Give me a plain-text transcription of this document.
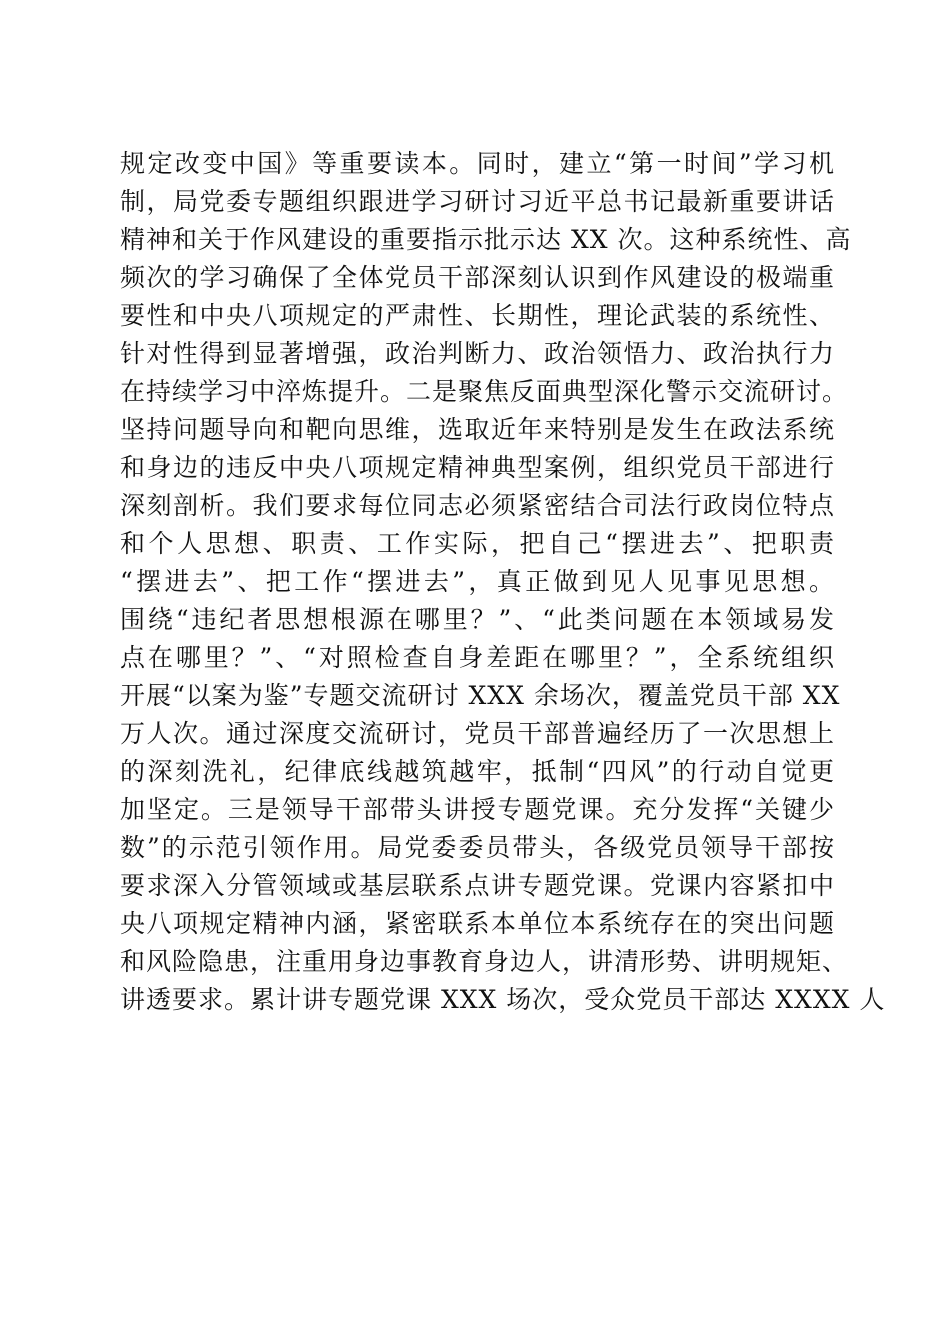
规定改变中国》等重要读本。同时，建立“第一时间”学习机
制，局党委专题组织跟进学习研讨习近平总书记最新重要讲话
精神和关于作风建设的重要指示批示达 XX 次。这种系统性、高
频次的学习确保了全体党员干部深刻认识到作风建设的极端重
要性和中央八项规定的严肃性、长期性，理论武装的系统性、
针对性得到显著增强，政治判断力、政治领悟力、政治执行力
在持续学习中淬炼提升。二是聚焦反面典型深化警示交流研讨。
坚持问题导向和靶向思维，选取近年来特别是发生在政法系统
和身边的违反中央八项规定精神典型案例，组织党员干部进行
深刻剖析。我们要求每位同志必须紧密结合司法行政岗位特点
和个人思想、职责、工作实际，把自己“摆进去”、把职责
“摆进去”、把工作“摆进去”，真正做到见人见事见思想。
围绕“违纪者思想根源在哪里？”、“此类问题在本领域易发
点在哪里？”、“对照检查自身差距在哪里？”，全系统组织
开展“以案为鉴”专题交流研讨 XXX 余场次，覆盖党员干部 XX
万人次。通过深度交流研讨，党员干部普遍经历了一次思想上
的深刻洗礼，纪律底线越筑越牢，抵制“四风”的行动自觉更
加坚定。三是领导干部带头讲授专题党课。充分发挥“关键少
数”的示范引领作用。局党委委员带头，各级党员领导干部按
要求深入分管领域或基层联系点讲专题党课。党课内容紧扣中
央八项规定精神内涵，紧密联系本单位本系统存在的突出问题
和风险隐患，注重用身边事教育身边人，讲清形势、讲明规矩、
讲透要求。累计讲专题党课 XXX 场次，受众党员干部达 XXXX 人
